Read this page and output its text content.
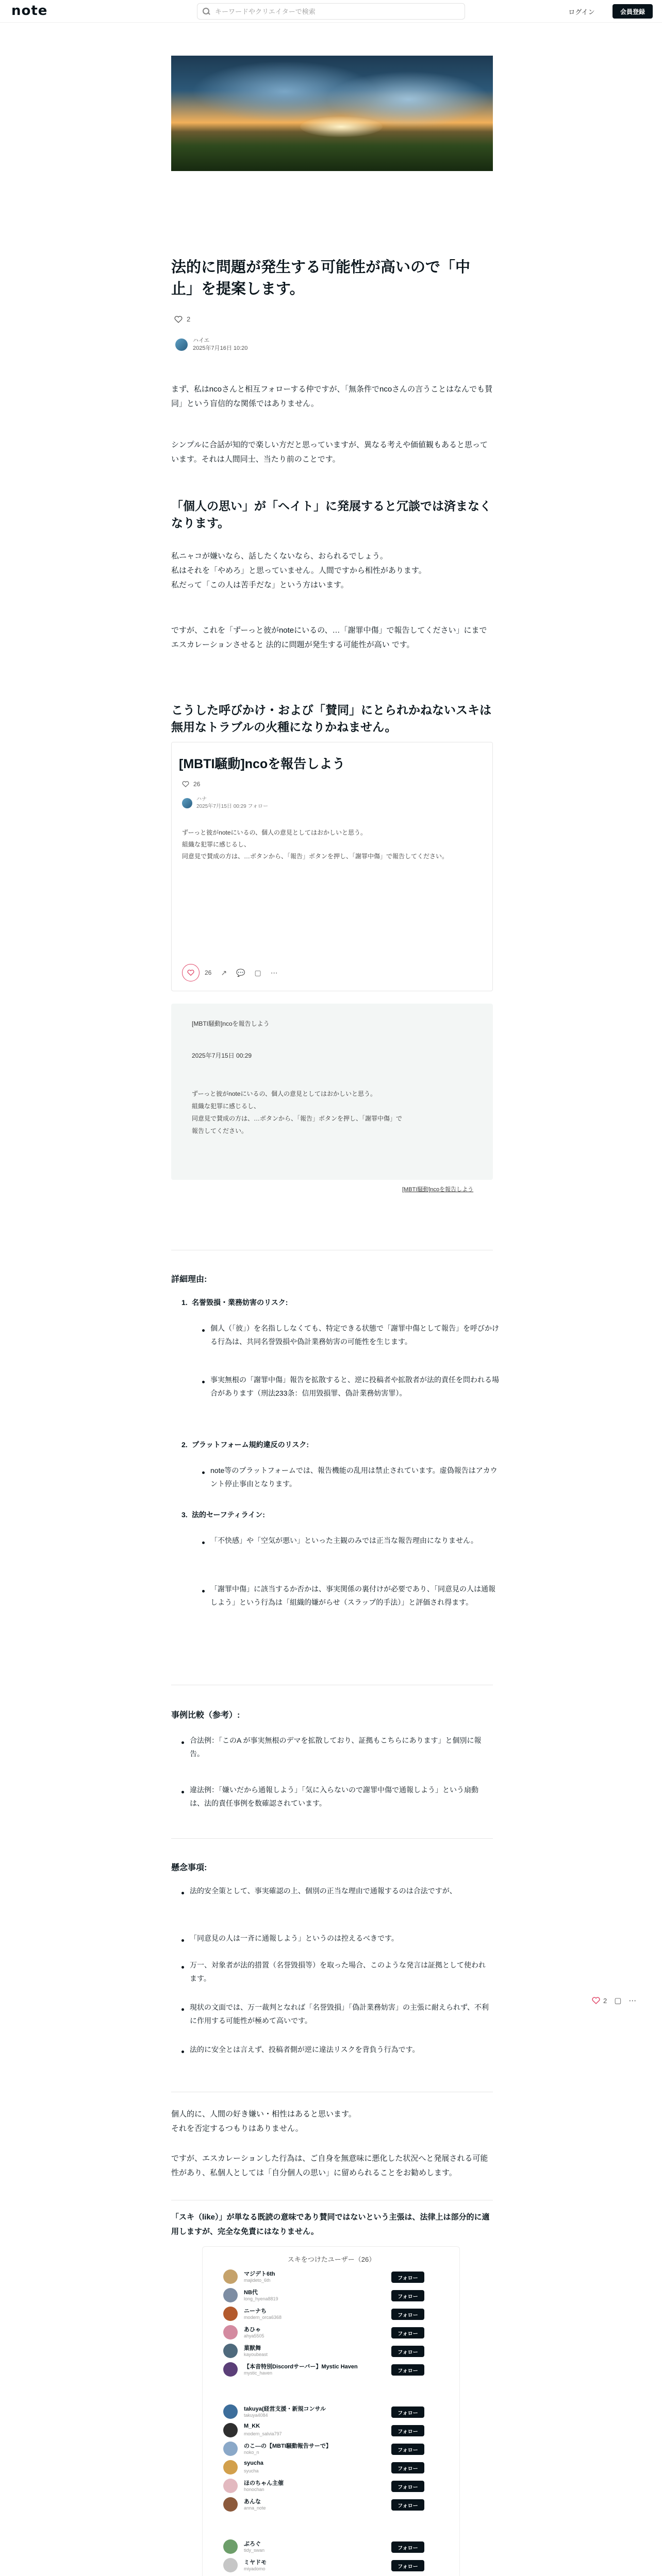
note
キーワードやクリエイターで検索	ログイン	会員登録
法的に問題が発生する可能性が高いので「中止」を提案します。
2
ハイエ
2025年7月16日 10:20

まず、私はncoさんと相互フォローする仲ですが、「無条件でncoさんの言うことはなんでも賛同」という盲信的な関係ではありません。

シンプルに合話が知的で楽しい方だと思っていますが、異なる考えや価値観もあると思っています。それは人間同士、当たり前のことです。

「個人の思い」が「ヘイト」に発展すると冗談では済まなくなります。

私ニャコが嫌いなら、話したくないなら、おられるでしょう。

私はそれを「やめろ」と思っていません。人間ですから相性があります。

私だって「この人は苦手だな」という方はいます。

ですが、これを「ずーっと彼がnoteにいるの、…「謝罪中傷」で報告してください」にまでエスカレーションさせると 法的に問題が発生する可能性が高い です。

こうした呼びかけ・および「賛同」にとられかねないスキは無用なトラブルの火種になりかねません。
[MBTI騒動]ncoを報告しよう
26
ハナ
2025年7月15日 00:29 フォロー
ずーっと彼がnoteにいるの、個人の意見としてはおかしいと思う。
組織な犯罪に感じるし、
同意見で賛成の方は、…ボタンから、「報告」ボタンを押し、「謝罪中傷」で報告してください。
26 ↗ 💬 ▢ ⋯
[MBTI騒動]ncoを報告しよう
2025年7月15日 00:29
ずーっと彼がnoteにいるの、個人の意見としてはおかしいと思う。
組織な犯罪に感じるし、
同意見で賛成の方は、…ボタンから、「報告」ボタンを押し、「謝罪中傷」で
報告してください。
[MBTI騒動]ncoを報告しよう
詳細理由:
1. 名誉毀損・業務妨害のリスク:
個人（「彼」）を名指ししなくても、特定できる状態で「謝罪中傷として報告」を呼びかける行為は、共同名誉毀損や偽計業務妨害の可能性を生じます。
事実無根の「謝罪中傷」報告を拡散すると、逆に投稿者や拡散者が法的責任を問われる場合があります（刑法233条：信用毀損罪、偽計業務妨害罪）。
2. プラットフォーム規約違反のリスク:
note等のプラットフォームでは、報告機能の乱用は禁止されています。虚偽報告はアカウント停止事由となります。
3. 法的セーフティライン:
「不快感」や「空気が悪い」といった主観のみでは正当な報告理由になりません。
「謝罪中傷」に該当するか否かは、事実関係の裏付けが必要であり、「同意見の人は通報しよう」という行為は「組織的嫌がらせ（スラップ的手法）」と評価され得ます。
事例比較（参考）:
合法例：「このA が事実無根のデマを拡散しており、証拠もこちらにあります」と個別に報告。
違法例：「嫌いだから通報しよう」「気に入らないので謝罪中傷で通報しよう」という扇動は、法的責任事例を数確認されています。
懸念事項:
法的安全策として、事実確認の上、個別の正当な理由で通報するのは合法ですが、
「同意見の人は一斉に通報しよう」というのは控えるべきです。
万一、対象者が法的措置（名誉毀損等）を取った場合、このような発言は証拠として使われます。
現状の文面では、万一裁判となれば「名誉毀損」「偽計業務妨害」の主張に耐えられず、不利に作用する可能性が極めて高いです。
法的に安全とは言えず、投稿者側が逆に違法リスクを背負う行為です。
2 ▢ ⋯

個人的に、人間の好き嫌い・相性はあると思います。

それを否定するつもりはありません。

ですが、エスカレーションした行為は、ご自身を無意味に悪化した状況へと発展される可能性があり、私個人としては「自分個人の思い」に留められることをお勧めします。

「スキ（like）」が単なる既読の意味であり賛同ではないという主張は、法律上は部分的に適用しますが、完全な免責にはなりません。

スキをつけたユーザー（26）
マジデト6th
majideto_6th	フォロー
NB代
long_hyena8819	フォロー
ニーナち
modern_orca6368	フォロー
あひゃ
ahya5505	フォロー
菓獣舞
kayoubeast	フォロー
【本音特別Discordサーバー】Mystic Haven
mystic_haven	フォロー
takuya(経営支援・新規コンサル
takuya4084	フォロー
M_KK
modern_salvia797	フォロー
のこ---の【MBTI騒動報告サーで】
noko_n	フォロー
syucha
syucha	フォロー
ほのちゃん主催
honochan	フォロー
あんな
anna_note	フォロー
ぶろぐ
tidy_swan	フォロー
ミヤドモ
miyadomo	フォロー
